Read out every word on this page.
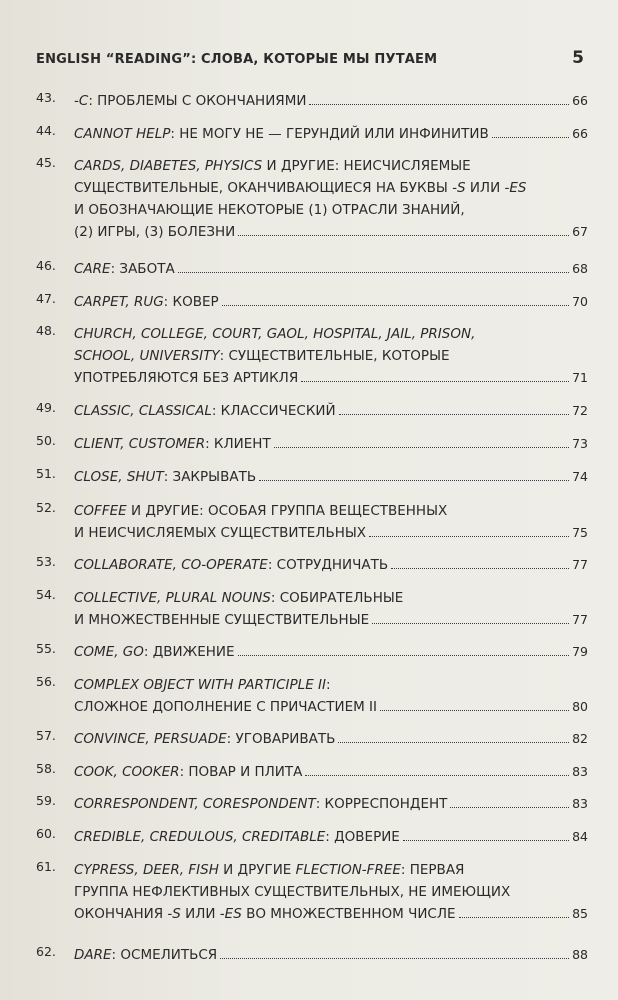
ENGLISH “READING”: СЛОВА, КОТОРЫЕ МЫ ПУТАЕМ	5
43.	-C: ПРОБЛЕМЫ С ОКОНЧАНИЯМИ	66
44.	CANNOT HELP: НЕ МОГУ НЕ — ГЕРУНДИЙ ИЛИ ИНФИНИТИВ	66
45.	CARDS, DIABETES, PHYSICS И ДРУГИЕ: НЕИСЧИСЛЯЕМЫЕ
СУЩЕСТВИТЕЛЬНЫЕ, ОКАНЧИВАЮЩИЕСЯ НА БУКВЫ -S ИЛИ -ES
И ОБОЗНАЧАЮЩИЕ НЕКОТОРЫЕ (1) ОТРАСЛИ ЗНАНИЙ,
(2) ИГРЫ, (3) БОЛЕЗНИ	67
46.	CARE: ЗАБОТА	68
47.	CARPET, RUG: КОВЕР	70
48.	CHURCH, COLLEGE, COURT, GAOL, HOSPITAL, JAIL, PRISON,
SCHOOL, UNIVERSITY: СУЩЕСТВИТЕЛЬНЫЕ, КОТОРЫЕ
УПОТРЕБЛЯЮТСЯ БЕЗ АРТИКЛЯ	71
49.	CLASSIC, CLASSICAL: КЛАССИЧЕСКИЙ	72
50.	CLIENT, CUSTOMER: КЛИЕНТ	73
51.	CLOSE, SHUT: ЗАКРЫВАТЬ	74
52.	COFFEE И ДРУГИЕ: ОСОБАЯ ГРУППА ВЕЩЕСТВЕННЫХ
И НЕИСЧИСЛЯЕМЫХ СУЩЕСТВИТЕЛЬНЫХ	75
53.	COLLABORATE, CO-OPERATE: СОТРУДНИЧАТЬ	77
54.	COLLECTIVE, PLURAL NOUNS: СОБИРАТЕЛЬНЫЕ
И МНОЖЕСТВЕННЫЕ СУЩЕСТВИТЕЛЬНЫЕ	77
55.	COME, GO: ДВИЖЕНИЕ	79
56.	COMPLEX OBJECT WITH PARTICIPLE II:
СЛОЖНОЕ ДОПОЛНЕНИЕ С ПРИЧАСТИЕМ II	80
57.	CONVINCE, PERSUADE: УГОВАРИВАТЬ	82
58.	COOK, COOKER: ПОВАР И ПЛИТА	83
59.	CORRESPONDENT, CORESPONDENT: КОРРЕСПОНДЕНТ	83
60.	CREDIBLE, CREDULOUS, CREDITABLE: ДОВЕРИЕ	84
61.	CYPRESS, DEER, FISH И ДРУГИЕ FLECTION-FREE: ПЕРВАЯ
ГРУППА НЕФЛЕКТИВНЫХ СУЩЕСТВИТЕЛЬНЫХ, НЕ ИМЕЮЩИХ
ОКОНЧАНИЯ -S ИЛИ -ES ВО МНОЖЕСТВЕННОМ ЧИСЛЕ	85
62.	DARE: ОСМЕЛИТЬСЯ	88
